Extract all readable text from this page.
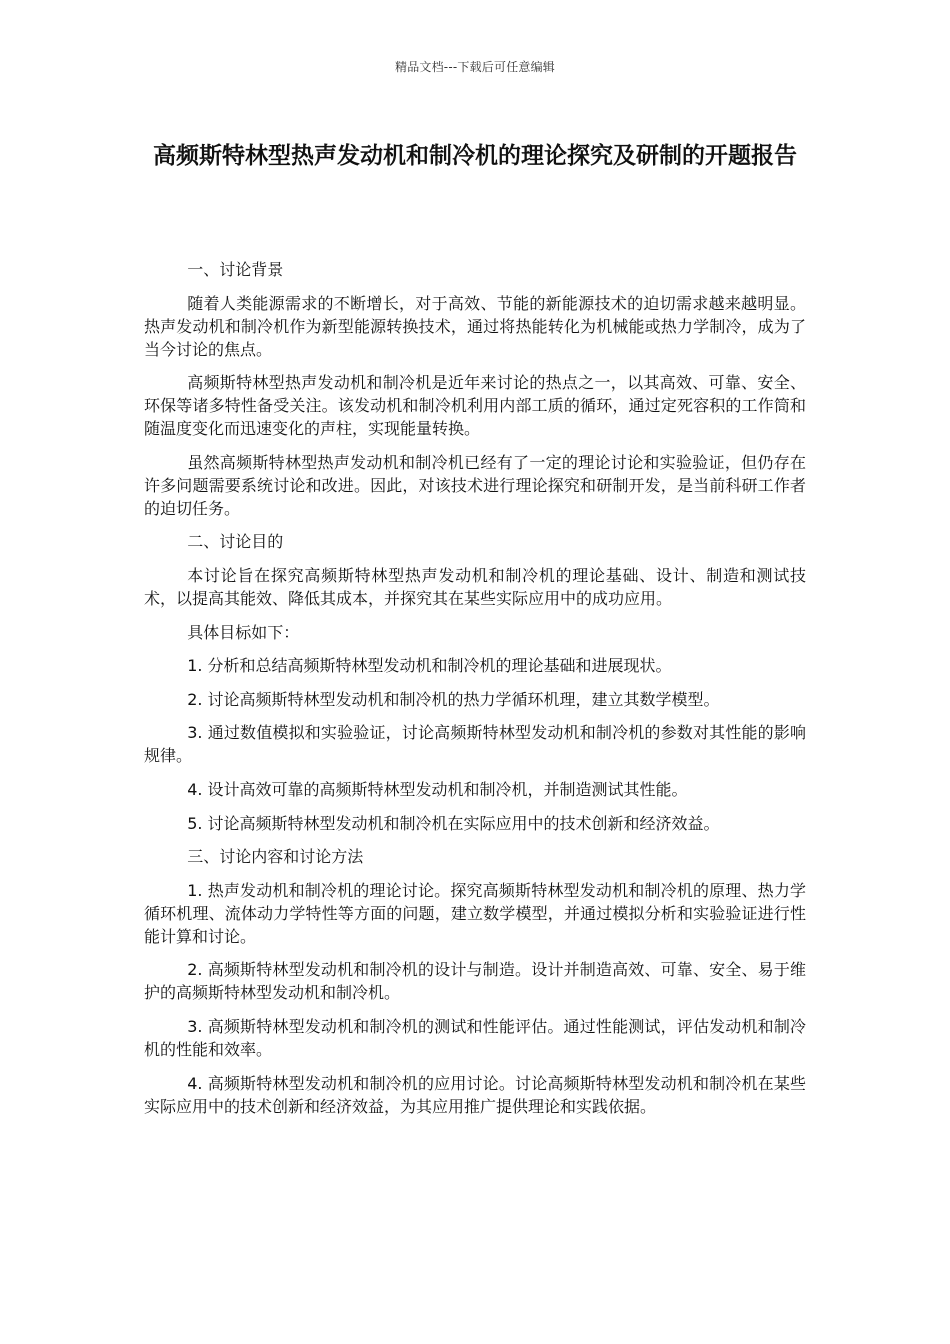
精品文档---下载后可任意编辑
高频斯特林型热声发动机和制冷机的理论探究及研制的开题报告

一、讨论背景

随着人类能源需求的不断增长，对于高效、节能的新能源技术的迫切需求越来越明显。热声发动机和制冷机作为新型能源转换技术，通过将热能转化为机械能或热力学制冷，成为了当今讨论的焦点。

高频斯特林型热声发动机和制冷机是近年来讨论的热点之一，以其高效、可靠、安全、环保等诸多特性备受关注。该发动机和制冷机利用内部工质的循环，通过定死容积的工作筒和随温度变化而迅速变化的声柱，实现能量转换。

虽然高频斯特林型热声发动机和制冷机已经有了一定的理论讨论和实验验证，但仍存在许多问题需要系统讨论和改进。因此，对该技术进行理论探究和研制开发，是当前科研工作者的迫切任务。

二、讨论目的

本讨论旨在探究高频斯特林型热声发动机和制冷机的理论基础、设计、制造和测试技术，以提高其能效、降低其成本，并探究其在某些实际应用中的成功应用。

具体目标如下：

1. 分析和总结高频斯特林型发动机和制冷机的理论基础和进展现状。

2. 讨论高频斯特林型发动机和制冷机的热力学循环机理，建立其数学模型。

3. 通过数值模拟和实验验证，讨论高频斯特林型发动机和制冷机的参数对其性能的影响规律。

4. 设计高效可靠的高频斯特林型发动机和制冷机，并制造测试其性能。

5. 讨论高频斯特林型发动机和制冷机在实际应用中的技术创新和经济效益。

三、讨论内容和讨论方法

1. 热声发动机和制冷机的理论讨论。探究高频斯特林型发动机和制冷机的原理、热力学循环机理、流体动力学特性等方面的问题，建立数学模型，并通过模拟分析和实验验证进行性能计算和讨论。

2. 高频斯特林型发动机和制冷机的设计与制造。设计并制造高效、可靠、安全、易于维护的高频斯特林型发动机和制冷机。

3. 高频斯特林型发动机和制冷机的测试和性能评估。通过性能测试，评估发动机和制冷机的性能和效率。

4. 高频斯特林型发动机和制冷机的应用讨论。讨论高频斯特林型发动机和制冷机在某些实际应用中的技术创新和经济效益，为其应用推广提供理论和实践依据。
